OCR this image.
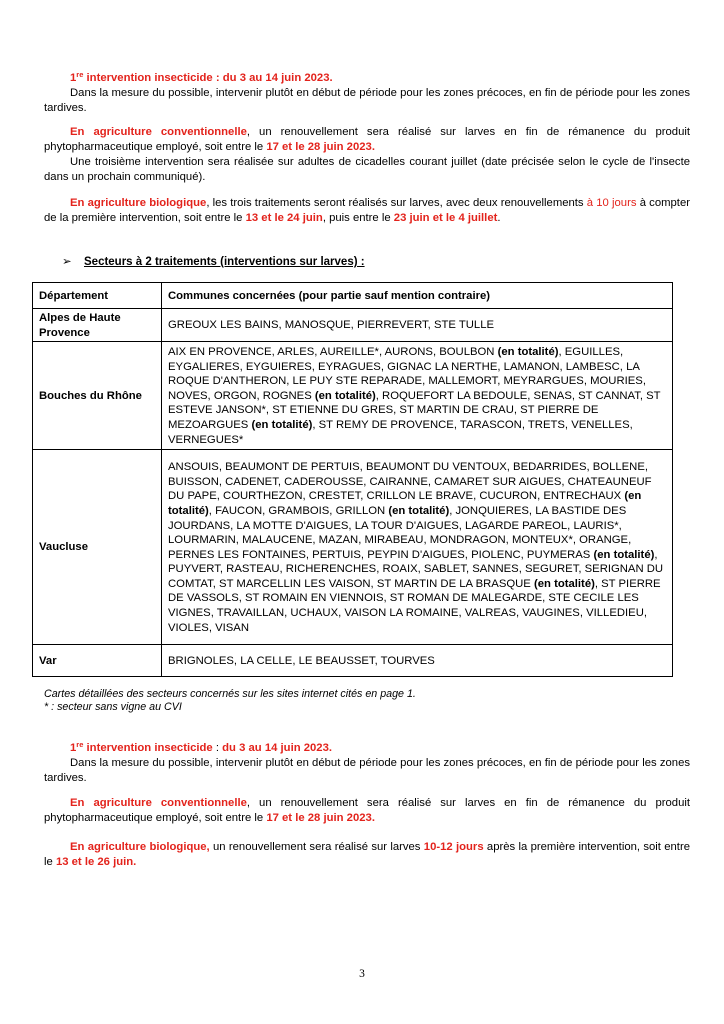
1re intervention insecticide : du 3 au 14 juin 2023.

Dans la mesure du possible, intervenir plutôt en début de période pour les zones précoces, en fin de période pour les zones tardives.

En agriculture conventionnelle, un renouvellement sera réalisé sur larves en fin de rémanence du produit phytopharmaceutique employé, soit entre le 17 et le 28 juin 2023.

Une troisième intervention sera réalisée sur adultes de cicadelles courant juillet (date précisée selon le cycle de l'insecte dans un prochain communiqué).

En agriculture biologique, les trois traitements seront réalisés sur larves, avec deux renouvellements à 10 jours à compter de la première intervention, soit entre le 13 et le 24 juin, puis entre le 23 juin et le 4 juillet.

➢ Secteurs à 2 traitements (interventions sur larves) :
Département	Communes concernées (pour partie sauf mention contraire)
Alpes de Haute Provence	GREOUX LES BAINS, MANOSQUE, PIERREVERT, STE TULLE
Bouches du Rhône	AIX EN PROVENCE, ARLES, AUREILLE*, AURONS, BOULBON (en totalité), EGUILLES, EYGALIERES, EYGUIERES, EYRAGUES, GIGNAC LA NERTHE, LAMANON, LAMBESC, LA ROQUE D'ANTHERON, LE PUY STE REPARADE, MALLEMORT, MEYRARGUES, MOURIES, NOVES, ORGON, ROGNES (en totalité), ROQUEFORT LA BEDOULE, SENAS, ST CANNAT, ST ESTEVE JANSON*, ST ETIENNE DU GRES, ST MARTIN DE CRAU, ST PIERRE DE MEZOARGUES (en totalité), ST REMY DE PROVENCE, TARASCON, TRETS, VENELLES, VERNEGUES*
Vaucluse	ANSOUIS, BEAUMONT DE PERTUIS, BEAUMONT DU VENTOUX, BEDARRIDES, BOLLENE, BUISSON, CADENET, CADEROUSSE, CAIRANNE, CAMARET SUR AIGUES, CHATEAUNEUF DU PAPE, COURTHEZON, CRESTET, CRILLON LE BRAVE, CUCURON, ENTRECHAUX (en totalité), FAUCON, GRAMBOIS, GRILLON (en totalité), JONQUIERES, LA BASTIDE DES JOURDANS, LA MOTTE D'AIGUES, LA TOUR D'AIGUES, LAGARDE PAREOL, LAURIS*, LOURMARIN, MALAUCENE, MAZAN, MIRABEAU, MONDRAGON, MONTEUX*, ORANGE, PERNES LES FONTAINES, PERTUIS, PEYPIN D'AIGUES, PIOLENC, PUYMERAS (en totalité), PUYVERT, RASTEAU, RICHERENCHES, ROAIX, SABLET, SANNES, SEGURET, SERIGNAN DU COMTAT, ST MARCELLIN LES VAISON, ST MARTIN DE LA BRASQUE (en totalité), ST PIERRE DE VASSOLS, ST ROMAIN EN VIENNOIS, ST ROMAN DE MALEGARDE, STE CECILE LES VIGNES, TRAVAILLAN, UCHAUX, VAISON LA ROMAINE, VALREAS, VAUGINES, VILLEDIEU, VIOLES, VISAN
Var	BRIGNOLES, LA CELLE, LE BEAUSSET, TOURVES

Cartes détaillées des secteurs concernés sur les sites internet cités en page 1.

* : secteur sans vigne au CVI

1re intervention insecticide : du 3 au 14 juin 2023.

Dans la mesure du possible, intervenir plutôt en début de période pour les zones précoces, en fin de période pour les zones tardives.

En agriculture conventionnelle, un renouvellement sera réalisé sur larves en fin de rémanence du produit phytopharmaceutique employé, soit entre le 17 et le 28 juin 2023.

En agriculture biologique, un renouvellement sera réalisé sur larves 10-12 jours après la première intervention, soit entre le 13 et le 26 juin.

3
